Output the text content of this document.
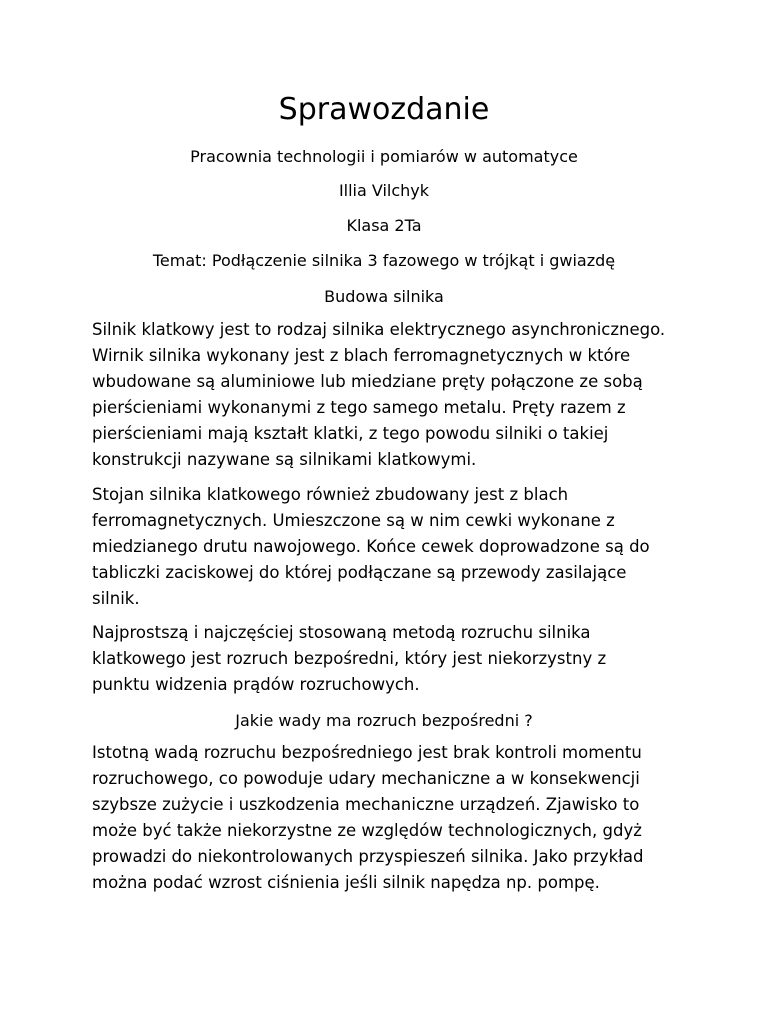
Sprawozdanie

Pracownia technologii i pomiarów w automatyce

Illia Vilchyk

Klasa 2Ta

Temat: Podłączenie silnika 3 fazowego w trójkąt i gwiazdę

Budowa silnika

Silnik klatkowy jest to rodzaj silnika elektrycznego asynchronicznego.
Wirnik silnika wykonany jest z blach ferromagnetycznych w które
wbudowane są aluminiowe lub miedziane pręty połączone ze sobą
pierścieniami wykonanymi z tego samego metalu. Pręty razem z
pierścieniami mają kształt klatki, z tego powodu silniki o takiej
konstrukcji nazywane są silnikami klatkowymi.
Stojan silnika klatkowego również zbudowany jest z blach
ferromagnetycznych. Umieszczone są w nim cewki wykonane z
miedzianego drutu nawojowego. Końce cewek doprowadzone są do
tabliczki zaciskowej do której podłączane są przewody zasilające
silnik.
Najprostszą i najczęściej stosowaną metodą rozruchu silnika
klatkowego jest rozruch bezpośredni, który jest niekorzystny z
punktu widzenia prądów rozruchowych.

Jakie wady ma rozruch bezpośredni ?

Istotną wadą rozruchu bezpośredniego jest brak kontroli momentu
rozruchowego, co powoduje udary mechaniczne a w konsekwencji
szybsze zużycie i uszkodzenia mechaniczne urządzeń. Zjawisko to
może być także niekorzystne ze względów technologicznych, gdyż
prowadzi do niekontrolowanych przyspieszeń silnika. Jako przykład
można podać wzrost ciśnienia jeśli silnik napędza np. pompę.
